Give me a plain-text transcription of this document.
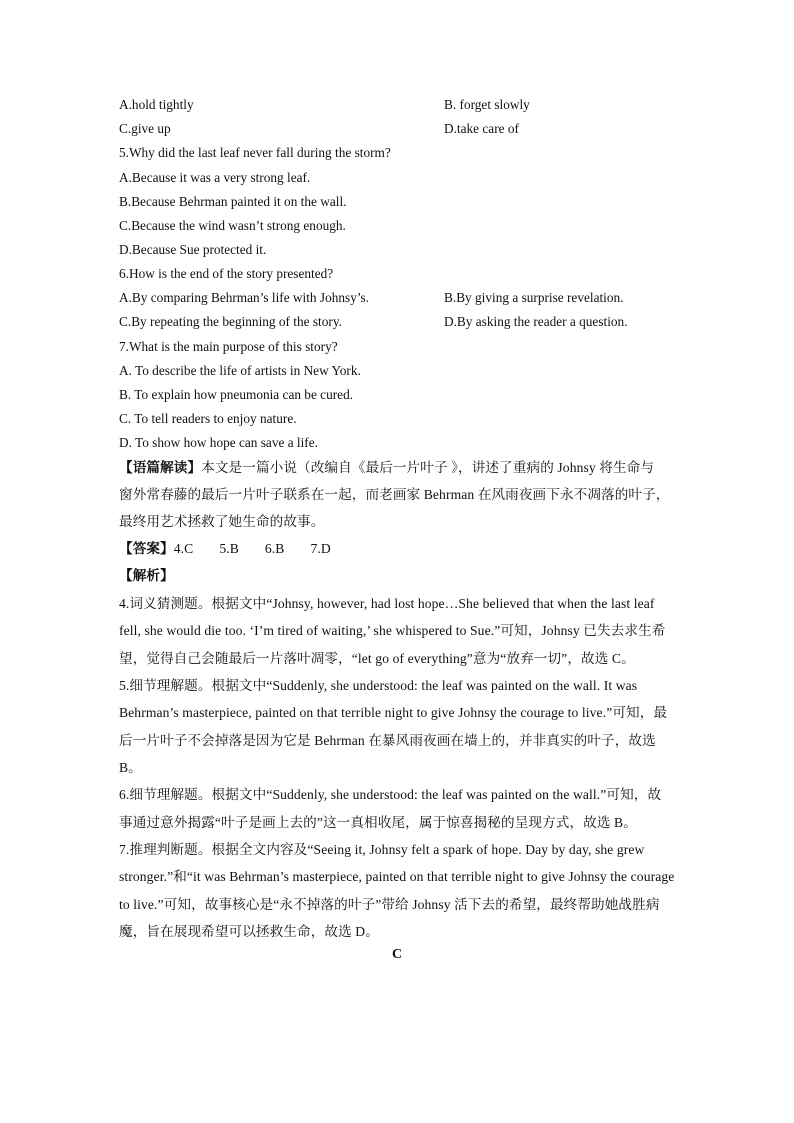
A.hold tightly	B. forget slowly
C.give up	D.take care of
5.Why did the last leaf never fall during the storm?
A.Because it was a very strong leaf.
B.Because Behrman painted it on the wall.
C.Because the wind wasn’t strong enough.
D.Because Sue protected it.
6.How is the end of the story presented?
A.By comparing Behrman’s life with Johnsy’s.	B.By giving a surprise revelation.
C.By repeating the beginning of the story.	D.By asking the reader a question.
7.What is the main purpose of this story?
A. To describe the life of artists in New York.
B. To explain how pneumonia can be cured.
C. To tell readers to enjoy nature.
D. To show how hope can save a life.
【语篇解读】本文是一篇小说（改编自《最后一片叶子 》，讲述了重病的 Johnsy 将生命与
窗外常春藤的最后一片叶子联系在一起，而老画家 Behrman 在风雨夜画下永不凋落的叶子，
最终用艺术拯救了她生命的故事。
【答案】4.C 5.B 6.B 7.D
【解析】
4.词义猜测题。根据文中“Johnsy, however, had lost hope…She believed that when the last leaf
fell, she would die too. ‘I’m tired of waiting,’ she whispered to Sue.”可知，Johnsy 已失去求生希
望，觉得自己会随最后一片落叶凋零，“let go of everything”意为“放弃一切”，故选 C。
5.细节理解题。根据文中“Suddenly, she understood: the leaf was painted on the wall. It was
Behrman’s masterpiece, painted on that terrible night to give Johnsy the courage to live.”可知，最
后一片叶子不会掉落是因为它是 Behrman 在暴风雨夜画在墙上的，并非真实的叶子，故选
B。
6.细节理解题。根据文中“Suddenly, she understood: the leaf was painted on the wall.”可知，故
事通过意外揭露“叶子是画上去的”这一真相收尾，属于惊喜揭秘的呈现方式，故选 B。
7.推理判断题。根据全文内容及“Seeing it, Johnsy felt a spark of hope. Day by day, she grew
stronger.”和“it was Behrman’s masterpiece, painted on that terrible night to give Johnsy the courage
to live.”可知，故事核心是“永不掉落的叶子”带给 Johnsy 活下去的希望，最终帮助她战胜病
魔，旨在展现希望可以拯救生命，故选 D。
C
